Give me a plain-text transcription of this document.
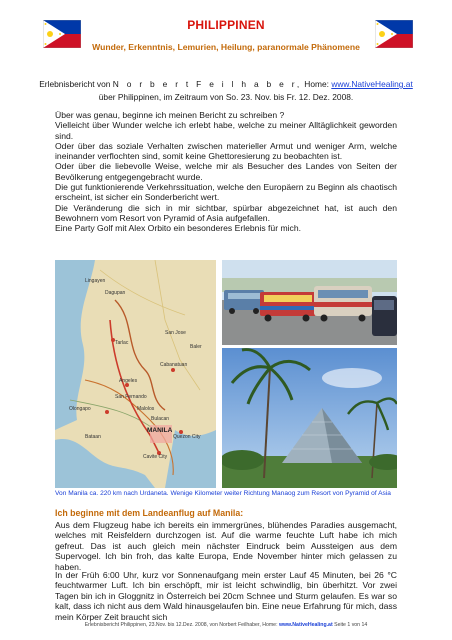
PHILIPPINEN
Wunder, Erkenntnis, Lemurien, Heilung, paranormale Phänomene
Erlebnisbericht von N o r b e r t F e i l h a b e r, Home: www.NativeHealing.at
über Philippinen, im Zeitraum von So. 23. Nov. bis Fr. 12. Dez. 2008.

Über was genau, beginne ich meinen Bericht zu schreiben ?

Vielleicht über Wunder welche ich erlebt habe, welche zu meiner Alltäglichkeit geworden sind.

Oder über das soziale Verhalten zwischen materieller Armut und weniger Arm, welche ineinander verflochten sind, somit keine Ghettoresierung zu beobachten ist.

Oder über die liebevolle Weise, welche mir als Besucher des Landes von Seiten der Bevölkerung entgegengebracht wurde.

Die gut funktionierende Verkehrssituation, welche den Europäern zu Beginn als chaotisch erscheint, ist sicher ein Sonderbericht wert.

Die Veränderung die sich in mir sichtbar, spürbar abgezeichnet hat, ist auch den Bewohnern vom Resort von Pyramid of Asia aufgefallen.

Eine Party Golf mit Alex Orbito ein besonderes Erlebnis für mich.

MANILA
Tarlac
Angeles
San Fernando
Malolos
Cabanatuan
Olongapo
Quezon City
Cavite City
Bataan
Lingayen
Dagupan
Baler
San Jose
Bulacan
Von Manila ca. 220 km nach Urdaneta. Wenige Kilometer weiter Richtung Manaog zum Resort von Pyramid of Asia
Ich beginne mit dem Landeanflug auf Manila:

Aus dem Flugzeug habe ich bereits ein immergrünes, blühendes Paradies ausgemacht, welches mit Reisfeldern durchzogen ist. Auf die warme feuchte Luft habe ich mich gefreut. Das ist auch gleich mein nächster Eindruck beim Aussteigen aus dem Supervogel. Ich bin froh, das kalte Europa, Ende November hinter mich gelassen zu haben.

In der Früh 6:00 Uhr, kurz vor Sonnenaufgang mein erster Lauf 45 Minuten, bei 26 °C feuchtwarmer Luft. Ich bin erschöpft, mir ist leicht schwindlig, bin überhitzt. Vor zwei Tagen bin ich in Gloggnitz in Österreich bei 20cm Schnee und Sturm gelaufen. Es war so kalt, dass ich nicht aus dem Wald hinausgelaufen bin. Eine neue Erfahrung für mich, dass mein Körper Zeit braucht sich

Erlebnisbericht Philippinen, 23.Nov. bis 12.Dez. 2008, von Norbert Feilhaber, Home: www.NativeHealing.at Seite 1 von 14
